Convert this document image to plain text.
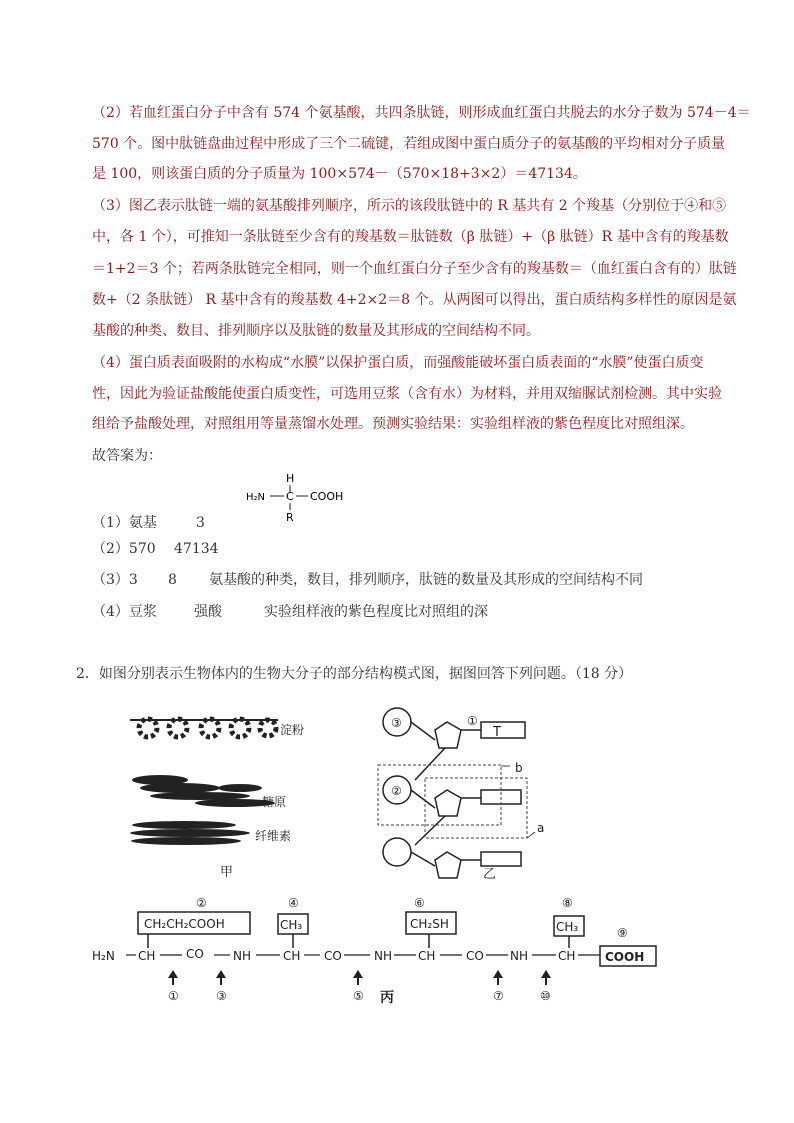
（2）若血红蛋白分子中含有 574 个氨基酸，共四条肽链，则形成血红蛋白共脱去的水分子数为 574－4＝
570 个。图中肽链盘曲过程中形成了三个二硫键，若组成图中蛋白质分子的氨基酸的平均相对分子质量
是 100，则该蛋白质的分子质量为 100×574－（570×18+3×2）＝47134。
（3）图乙表示肽链一端的氨基酸排列顺序，所示的该段肽链中的 R 基共有 2 个羧基（分别位于④和⑤
中，各 1 个），可推知一条肽链至少含有的羧基数＝肽链数（β 肽链）+（β 肽链）R 基中含有的羧基数
＝1+2＝3 个；若两条肽链完全相同，则一个血红蛋白分子至少含有的羧基数＝（血红蛋白含有的）肽链
数+（2 条肽链） R 基中含有的羧基数 4+2×2＝8 个。从两图可以得出，蛋白质结构多样性的原因是氨
基酸的种类、数目、排列顺序以及肽链的数量及其形成的空间结构不同。
（4）蛋白质表面吸附的水构成“水膜”以保护蛋白质，而强酸能破坏蛋白质表面的“水膜”使蛋白质变
性，因此为验证盐酸能使蛋白质变性，可选用豆浆（含有水）为材料，并用双缩脲试剂检测。其中实验
组给予盐酸处理，对照组用等量蒸馏水处理。预测实验结果：实验组样液的紫色程度比对照组深。
故答案为：
H
H₂N C COOH
R
（1）氨基	3
（2）570 47134
（3）3 8 氨基酸的种类，数目，排列顺序，肽链的数量及其形成的空间结构不同
（4）豆浆	强酸	实验组样液的紫色程度比对照组的深
2．如图分别表示生物体内的生物大分子的部分结构模式图，据图回答下列问题。（18 分）
淀粉
糖原
纤维素
甲
③	①
T
②
b
a
乙
②	④	⑥	⑧
⑨
CH₂CH₂COOH	CH₃	CH₂SH	CH₃
COOH
H₂N CH	CO NH	CH CO	NH CH	CO NH	CH
①	③	⑤	⑦	⑩
丙
